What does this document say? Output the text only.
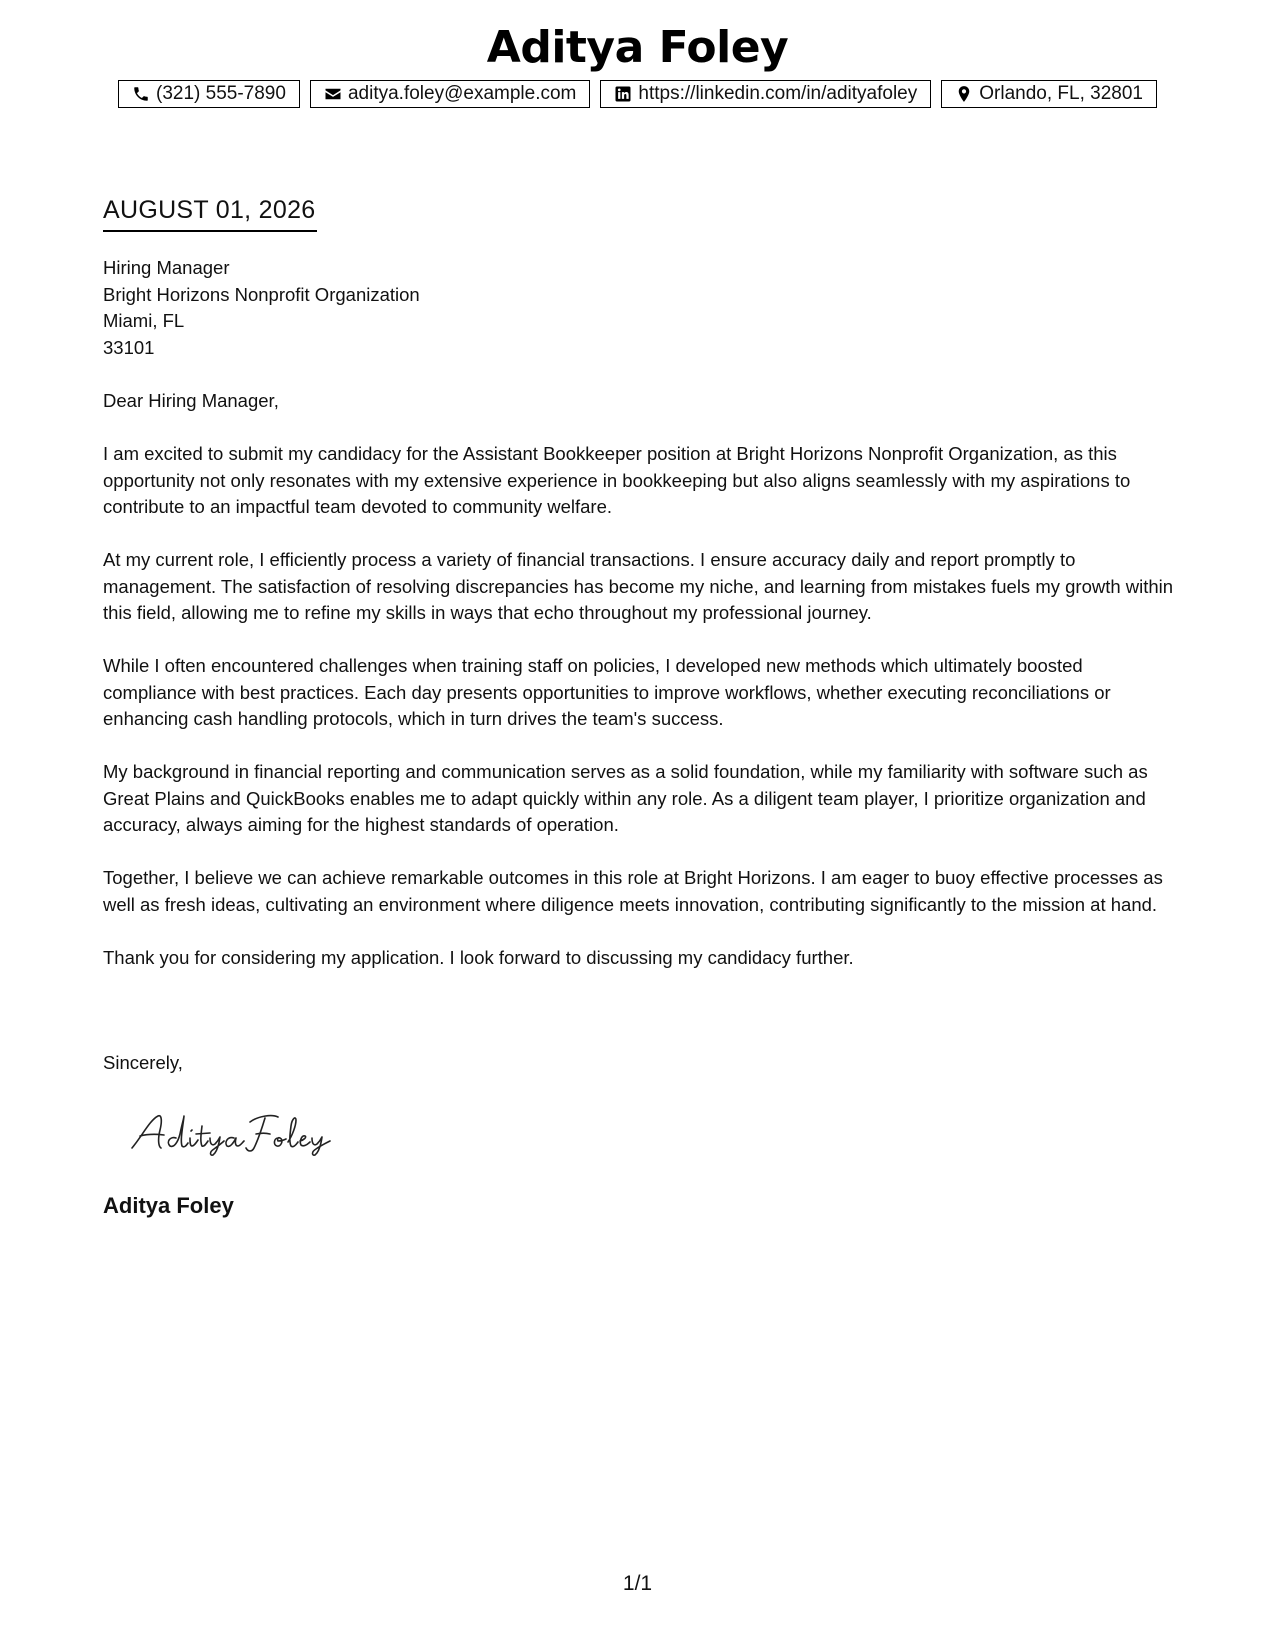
Aditya Foley
(321) 555-7890	aditya.foley@example.com	https://linkedin.com/in/adityafoley	Orlando, FL, 32801
AUGUST 01, 2026
Hiring Manager
Bright Horizons Nonprofit Organization
Miami, FL
33101

Dear Hiring Manager,

I am excited to submit my candidacy for the Assistant Bookkeeper position at Bright Horizons Nonprofit Organization, as this opportunity not only resonates with my extensive experience in bookkeeping but also aligns seamlessly with my aspirations to contribute to an impactful team devoted to community welfare.

At my current role, I efficiently process a variety of financial transactions. I ensure accuracy daily and report promptly to management. The satisfaction of resolving discrepancies has become my niche, and learning from mistakes fuels my growth within this field, allowing me to refine my skills in ways that echo throughout my professional journey.

While I often encountered challenges when training staff on policies, I developed new methods which ultimately boosted compliance with best practices. Each day presents opportunities to improve workflows, whether executing reconciliations or enhancing cash handling protocols, which in turn drives the team's success.

My background in financial reporting and communication serves as a solid foundation, while my familiarity with software such as Great Plains and QuickBooks enables me to adapt quickly within any role. As a diligent team player, I prioritize organization and accuracy, always aiming for the highest standards of operation.

Together, I believe we can achieve remarkable outcomes in this role at Bright Horizons. I am eager to buoy effective processes as well as fresh ideas, cultivating an environment where diligence meets innovation, contributing significantly to the mission at hand.

Thank you for considering my application. I look forward to discussing my candidacy further.

Sincerely,
Aditya Foley
1/1
